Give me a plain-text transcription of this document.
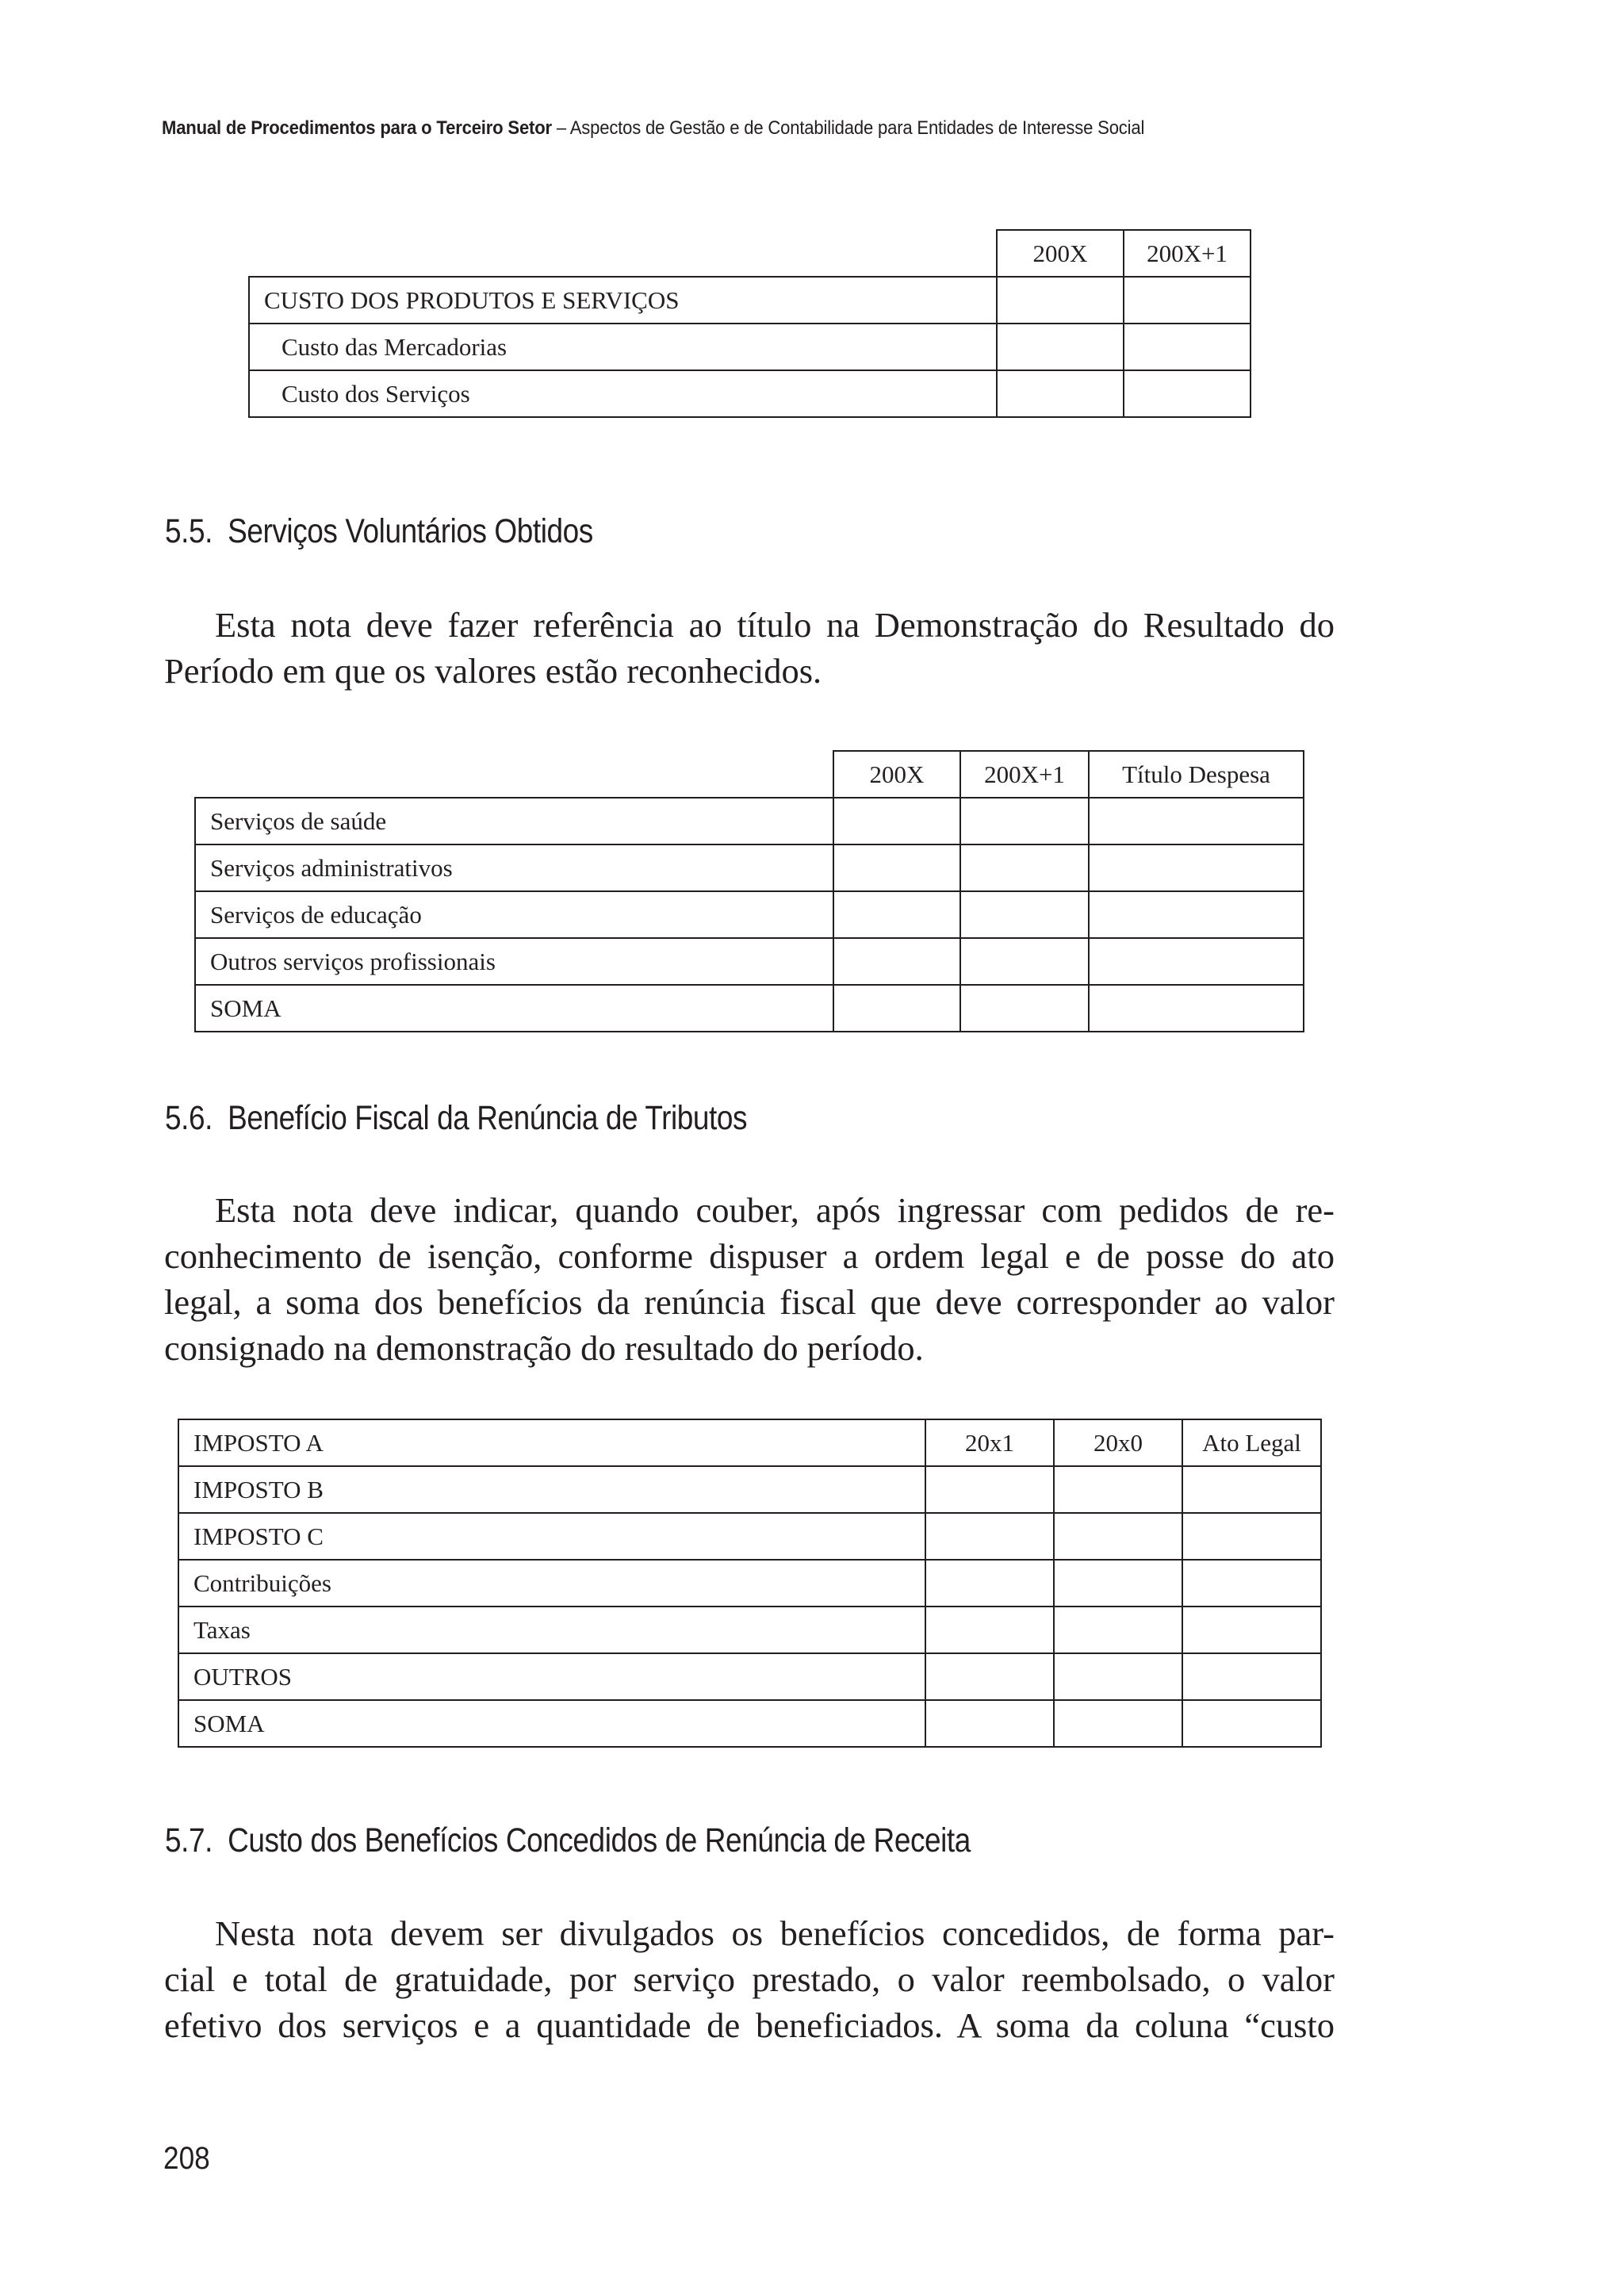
Manual de Procedimentos para o Terceiro Setor – Aspectos de Gestão e de Contabilidade para Entidades de Interesse Social
	200X	200X+1
CUSTO DOS PRODUTOS E SERVIÇOS		
Custo das Mercadorias		
Custo dos Serviços		
5.5. Serviços Voluntários Obtidos

Esta nota deve fazer referência ao título na Demonstração do Resultado do
Período em que os valores estão reconhecidos.

	200X	200X+1	Título Despesa
Serviços de saúde			
Serviços administrativos			
Serviços de educação			
Outros serviços profissionais			
SOMA			
5.6. Benefício Fiscal da Renúncia de Tributos

Esta nota deve indicar, quando couber, após ingressar com pedidos de re-
conhecimento de isenção, conforme dispuser a ordem legal e de posse do ato
legal, a soma dos benefícios da renúncia fiscal que deve corresponder ao valor
consignado na demonstração do resultado do período.

IMPOSTO A	20x1	20x0	Ato Legal
IMPOSTO B			
IMPOSTO C			
Contribuições			
Taxas			
OUTROS			
SOMA			
5.7. Custo dos Benefícios Concedidos de Renúncia de Receita

Nesta nota devem ser divulgados os benefícios concedidos, de forma par-
cial e total de gratuidade, por serviço prestado, o valor reembolsado, o valor
efetivo dos serviços e a quantidade de beneficiados. A soma da coluna “custo

208
